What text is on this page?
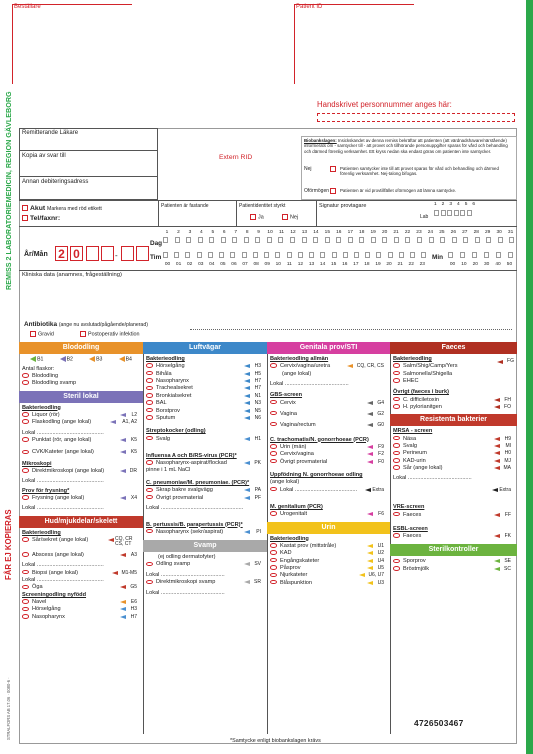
Beställare	Patient ID
Handskrivet personnummer anges här:
REMISS 2 LABORATORIEMEDICIN, REGION GÄVLEBORG
FÅR EJ KOPIERAS
STRALFORS AB 17.06 · 0080-6 ·
Remitterande Läkare
Kopia av svar till
Annan debiteringsadress
Extern RID
Biobankslagen: Insickskandet av denna remiss bekräftar att patienten (att värdnadshavare/närstående) informerats om - samtycker till - att provet och tillhörande personuppgifter sparas för vård och behandling och därmed förenlig verksamhet. Ett kryss nedan ska endast göras om patienten inte samtycker.
Nej	Patienten samtycker inte till att provet sparas för vård och behandling och därmed förenlig verksamhet. Nej-talong bifogas.
Oförmögen Patienten är vid provtillfället oförmögen att lämna samtycke.
Akut Markera med röd etikett
Tel/faxnr:
Patienten är fastande	Patientidentitet styrkt
Ja	Nej
Signatur provtagare
Lab
1 2 3 4 5 6
År/Mån 2 0	-
Dag
Tim	Min
1	2	3	4	5	6	7	8	9	10	11	12 13 14 15 16 17 18 19 20 21 22 23 24 25 26 27 28 29 30 31
00	01	02	03	04	05	06	07	08	09	10	11	12	13	14	15	16	17	18	19	20	21	22	23	00	10	20	30	40	50
Kliniska data (anamnes, frågeställning)
Antibiotika (ange nu avslutad/pågående/planerad)
Gravid	Postoperativ infektion
Blododling
B1	B2	B3	B4
Antal flaskor:
Blododling
Blododling svamp
Steril lokal
Bakterieodling
Liquor (rör)	L2
Flaskodling (ange lokal)	A1, A2
Lokal ...........................................
Punktat (rör, ange lokal)	K5
CVK/Kateter (ange lokal)	K5
Mikroskopi
Direktmikroskopi (ange lokal)	DR
Lokal ...........................................
Prov för frysning*
Frysning (ange lokal)	X4
Lokal ...........................................
Hud/mjukdelar/skelett
Bakterieodling
Sår/sekret (ange lokal)	CQ, CR CS, CT
Abscess (ange lokal)	A3
Lokal ...........................................
Biopsi (ange lokal)	M1-M5
Lokal ...........................................
Öga	G5
Screeningodling nyfödd
Navel	E6
Hörselgång	H3
Nasopharynx	H7
Luftvägar
Bakterieodling
Hörselgång	H3
Bihåla	H5
Nasopharynx	H7
Trachealsekret	H7
Bronkialsekret	N1
BAL	N3
Borstprov	N5
Sputum	N6
Streptokocker (odling)
Svalg	H1
Influensa A och B/RS-virus (PCR)*
Nasopharynx-aspirat/flockad pinne i 1 mL NaCl
PK
C. pneumoniae/M. pneumoniae. (PCR)*
Skrap bakre svalgvägg	PA
Övrigt provmaterial	PF
Lokal .....................................................
B. pertussis/B. parapertussis (PCR)*
Nasopharynx (sekr/aspirat)	PI
Svamp
(ej odling dermatofyter)
Odling svamp	SV
Lokal .........................................
Direktmikroskopi svamp	SR
Lokal .........................................
Genitala prov/STI
Bakterieodling allmän
Cervix/vagina/uretra	CQ, CR, CS
(ange lokal)
Lokal .........................................
GBS-screen
Cervix	G4
Vagina	G2
Vagina/rectum	G0
C. trachomatis/N. gonorrhoeae (PCR)
Urin (män)	F9
Cervix/vagina	F2
Övrigt provmaterial	F0
Uppfödning N. gonorrhoeae odling
(ange lokal)
Lokal ........................................	Extra
M. genitalium (PCR)
Urogenitalt	F6
Urin
Bakterieodling
Kastat prov (mittstråle)	U1
KAD	U2
Engångskateter	U4
Påsprov	U5
Njurkateter	U6, U7
Blåspunktion	U3
Faeces
Bakterieodling	FG
Salm/Shig/Camp/Yers
Salmonella/Shigella
EHEC
Övrigt (faeces i burk)
C. difficiletoxin	FH
H. pylorianitgen	FO
Resistenta bakterier
MRSA - screen
Näsa	H9
Svalg	MI
Perineum	H0
KAD-urin	MJ
Sår (ange lokal)	MA
Lokal .........................................
Extra
VRE-screen
Faeces	FF
ESBL-screen
Faeces	FK
Sterilkontroller
Sporprov	SE
Bröstmjölk	SC
4726503467
*Samtycke enligt biobankslagen krävs
